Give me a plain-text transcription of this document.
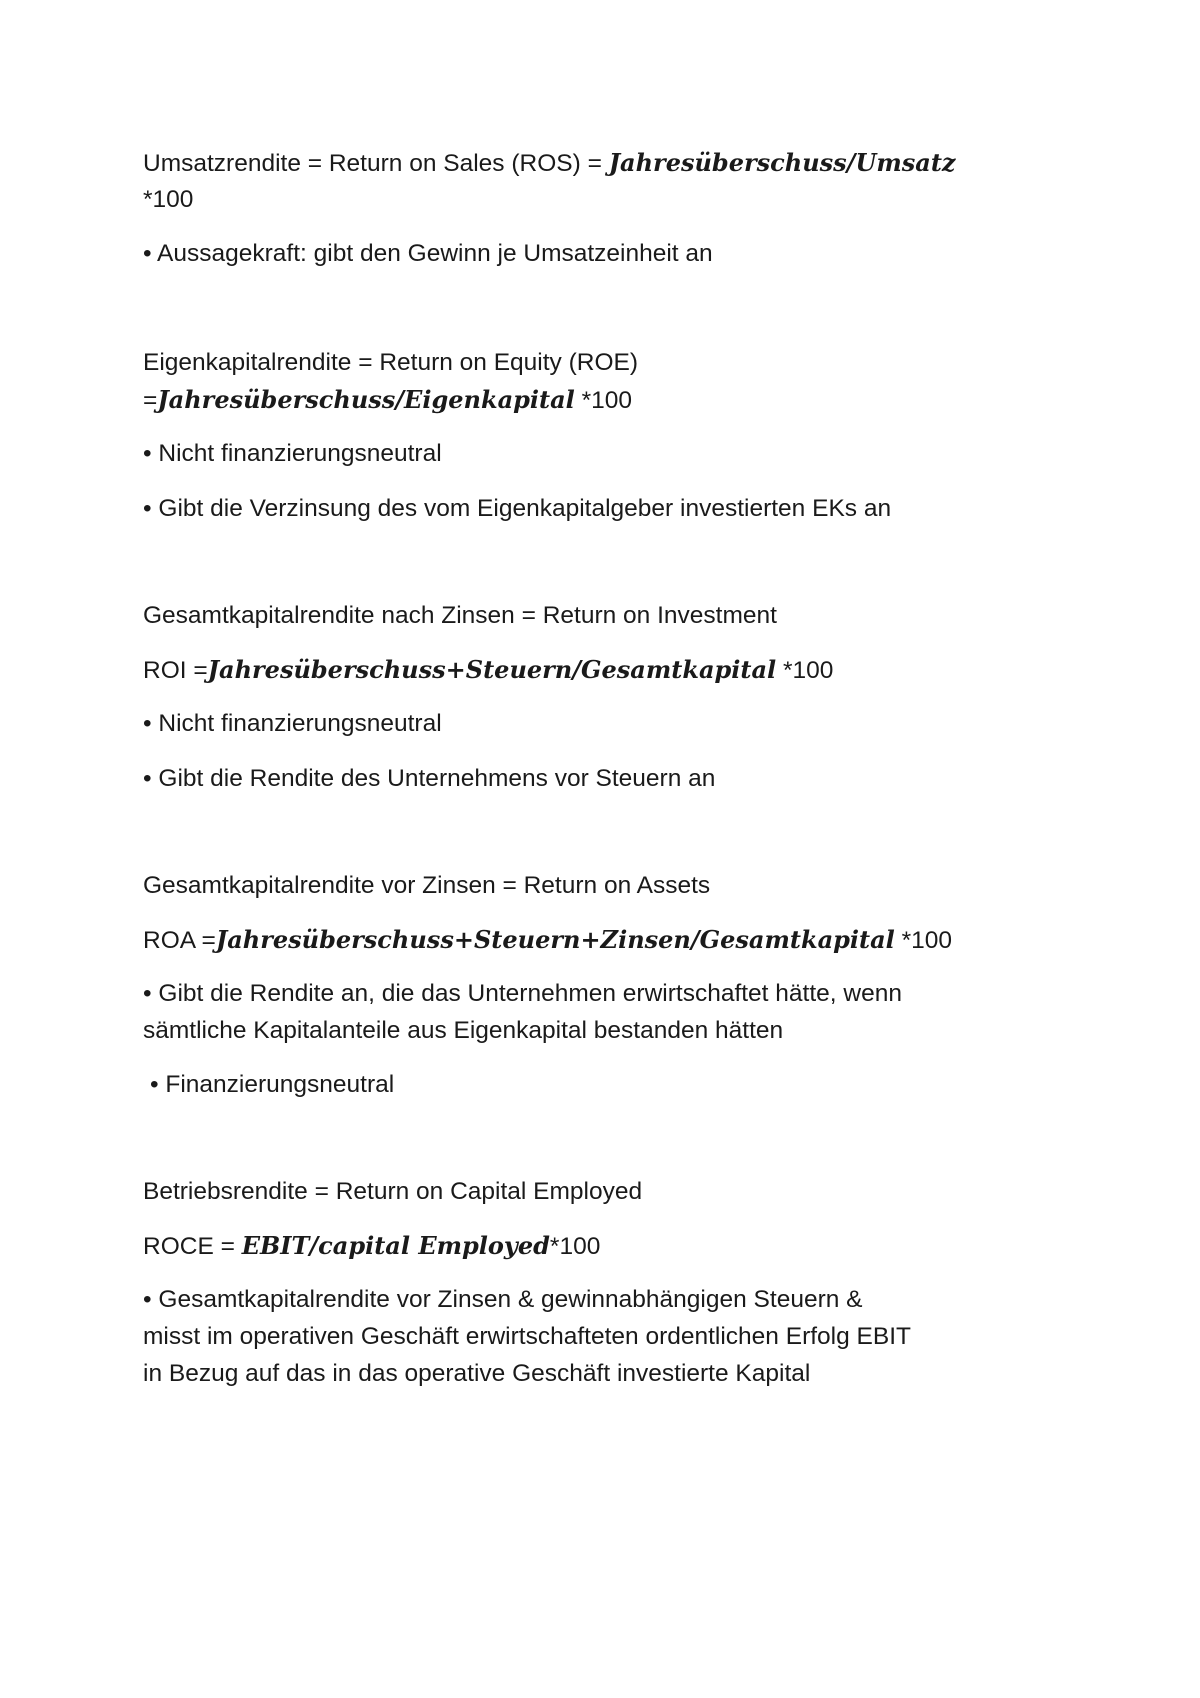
Umsatzrendite = Return on Sales (ROS) = Jahresüberschuss/Umsatz
*100
• Aussagekraft: gibt den Gewinn je Umsatzeinheit an
Eigenkapitalrendite = Return on Equity (ROE)
=Jahresüberschuss/Eigenkapital *100
• Nicht finanzierungsneutral
• Gibt die Verzinsung des vom Eigenkapitalgeber investierten EKs an
Gesamtkapitalrendite nach Zinsen = Return on Investment
ROI =Jahresüberschuss+Steuern/Gesamtkapital *100
• Nicht finanzierungsneutral
• Gibt die Rendite des Unternehmens vor Steuern an
Gesamtkapitalrendite vor Zinsen = Return on Assets
ROA =Jahresüberschuss+Steuern+Zinsen/Gesamtkapital *100
• Gibt die Rendite an, die das Unternehmen erwirtschaftet hätte, wenn
sämtliche Kapitalanteile aus Eigenkapital bestanden hätten
• Finanzierungsneutral
Betriebsrendite = Return on Capital Employed
ROCE = EBIT/capital Employed*100
• Gesamtkapitalrendite vor Zinsen & gewinnabhängigen Steuern &
misst im operativen Geschäft erwirtschafteten ordentlichen Erfolg EBIT
in Bezug auf das in das operative Geschäft investierte Kapital
